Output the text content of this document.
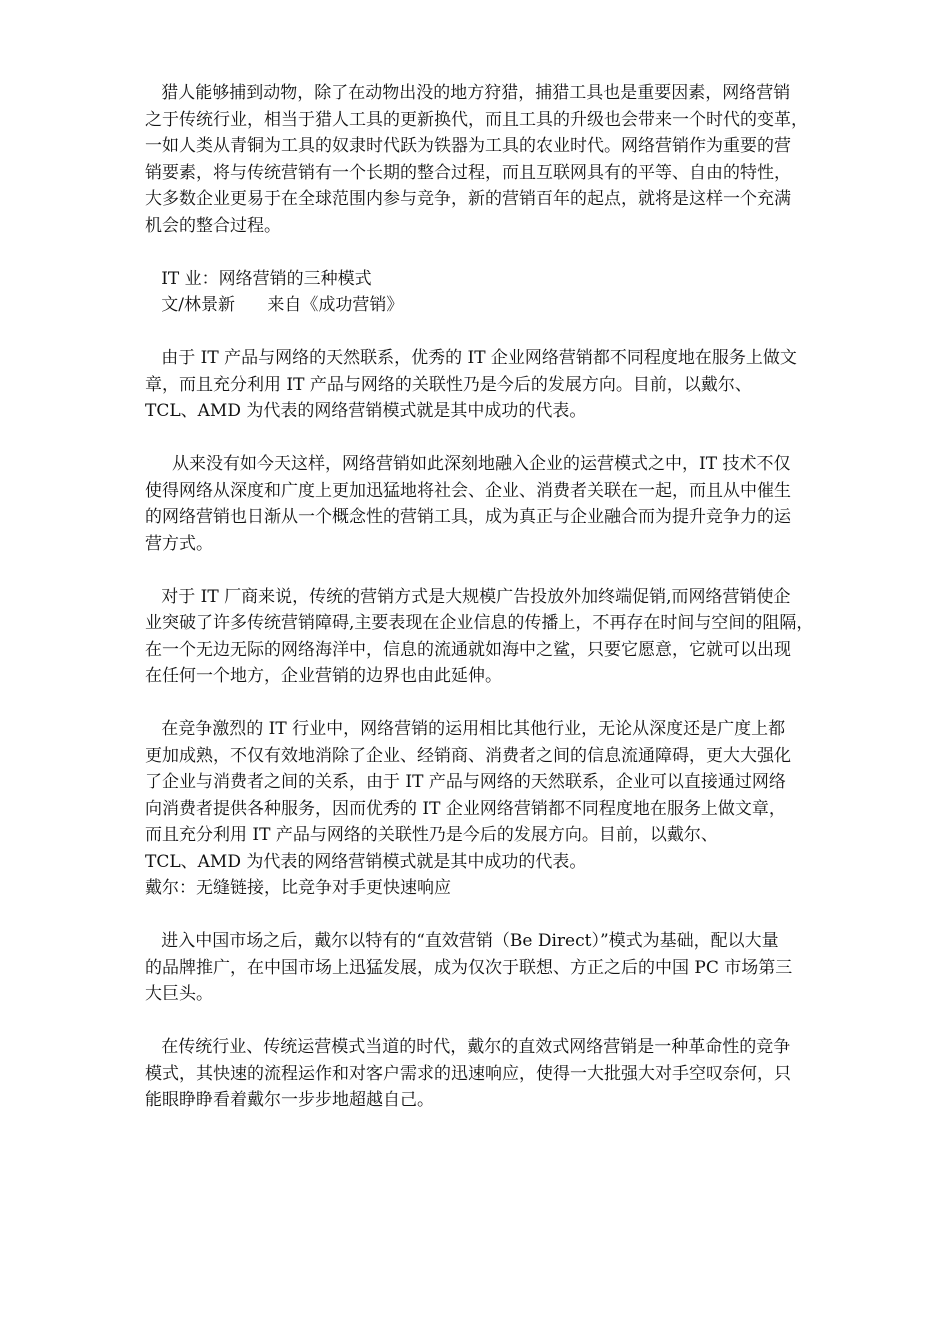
猎人能够捕到动物，除了在动物出没的地方狩猎，捕猎工具也是重要因素，网络营销
之于传统行业，相当于猎人工具的更新换代，而且工具的升级也会带来一个时代的变革，
一如人类从青铜为工具的奴隶时代跃为铁器为工具的农业时代。网络营销作为重要的营
销要素，将与传统营销有一个长期的整合过程，而且互联网具有的平等、自由的特性，
大多数企业更易于在全球范围内参与竞争，新的营销百年的起点，就将是这样一个充满
机会的整合过程。
IT 业：网络营销的三种模式
文/林景新      来自《成功营销》
由于 IT 产品与网络的天然联系，优秀的 IT 企业网络营销都不同程度地在服务上做文
章，而且充分利用 IT 产品与网络的关联性乃是今后的发展方向。目前，以戴尔、
TCL、AMD 为代表的网络营销模式就是其中成功的代表。
从来没有如今天这样，网络营销如此深刻地融入企业的运营模式之中，IT 技术不仅
使得网络从深度和广度上更加迅猛地将社会、企业、消费者关联在一起，而且从中催生
的网络营销也日渐从一个概念性的营销工具，成为真正与企业融合而为提升竞争力的运
营方式。
对于 IT 厂商来说，传统的营销方式是大规模广告投放外加终端促销,而网络营销使企
业突破了许多传统营销障碍,主要表现在企业信息的传播上，不再存在时间与空间的阻隔，
在一个无边无际的网络海洋中，信息的流通就如海中之鲨，只要它愿意，它就可以出现
在任何一个地方，企业营销的边界也由此延伸。
在竞争激烈的 IT 行业中，网络营销的运用相比其他行业，无论从深度还是广度上都
更加成熟，不仅有效地消除了企业、经销商、消费者之间的信息流通障碍，更大大强化
了企业与消费者之间的关系，由于 IT 产品与网络的天然联系，企业可以直接通过网络
向消费者提供各种服务，因而优秀的 IT 企业网络营销都不同程度地在服务上做文章，
而且充分利用 IT 产品与网络的关联性乃是今后的发展方向。目前，以戴尔、
TCL、AMD 为代表的网络营销模式就是其中成功的代表。
戴尔：无缝链接，比竞争对手更快速响应
进入中国市场之后，戴尔以特有的“直效营销（Be Direct）”模式为基础，配以大量
的品牌推广，在中国市场上迅猛发展，成为仅次于联想、方正之后的中国 PC 市场第三
大巨头。
在传统行业、传统运营模式当道的时代，戴尔的直效式网络营销是一种革命性的竞争
模式，其快速的流程运作和对客户需求的迅速响应，使得一大批强大对手空叹奈何，只
能眼睁睁看着戴尔一步步地超越自己。
